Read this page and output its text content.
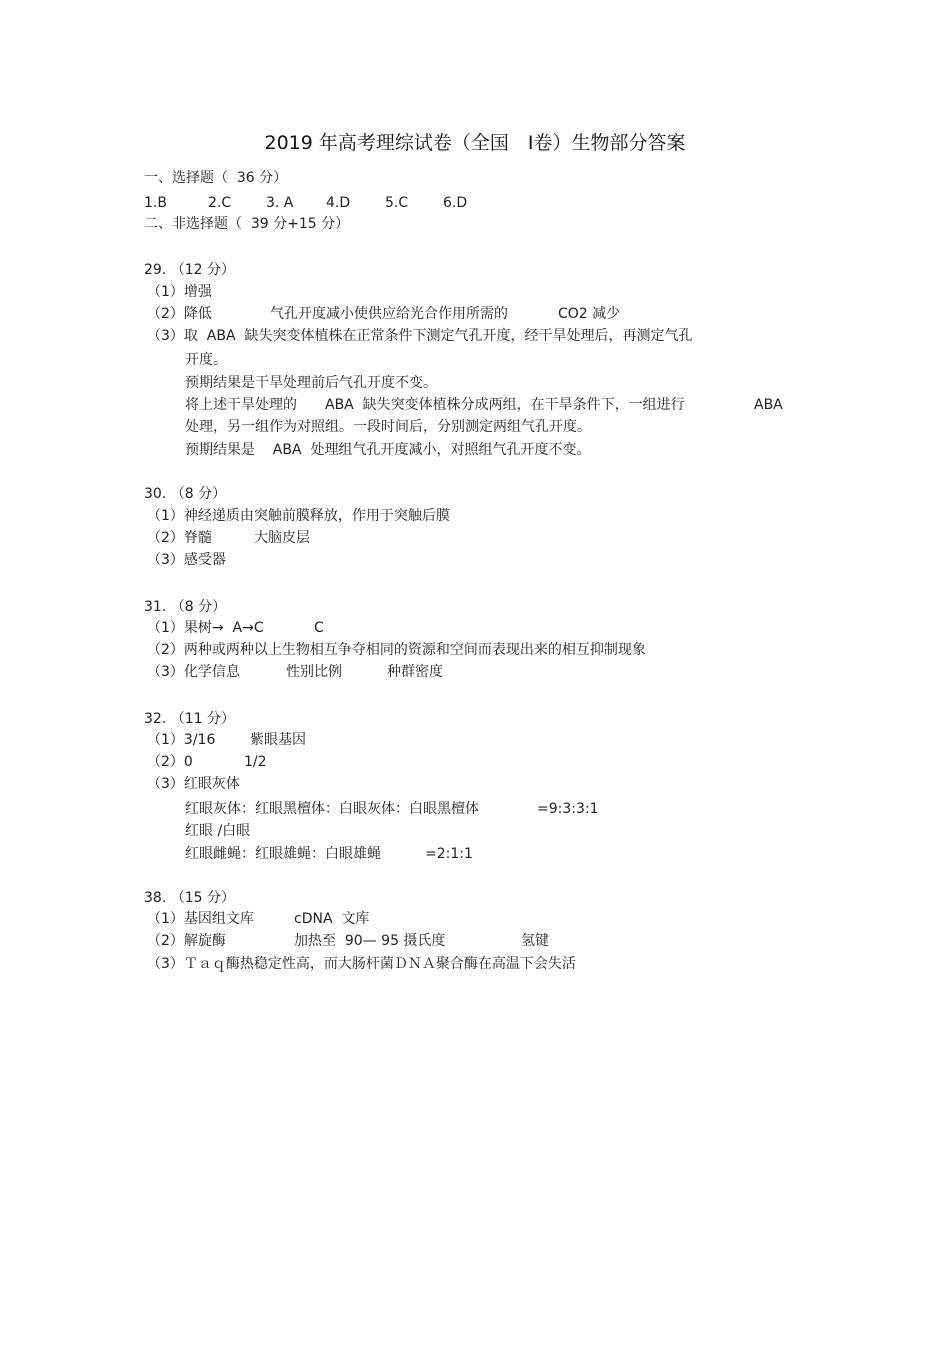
2019 年高考理综试卷（全国　Ⅰ卷）生物部分答案
一、选择题（  36 分）

1.B

	2.C

3. A

4.D

5.C

6.D

二、非选择题（  39 分+15 分）
29. （12 分）
（1）增强

（2）降低

	气孔开度减小使供应给光合作用所需的

	CO2 减少

（3）取  ABA  缺失突变体植株在正常条件下测定气孔开度，经干旱处理后，再测定气孔
开度。
预期结果是干旱处理前后气孔开度不变。

将上述干旱处理的

ABA  缺失突变体植株分成两组，在干旱条件下，一组进行

	ABA

处理，另一组作为对照组。一段时间后，分别测定两组气孔开度。
预期结果是    ABA  处理组气孔开度减小，对照组气孔开度不变。
30. （8 分）
（1）神经递质由突触前膜释放，作用于突触后膜

（2）脊髓

	大脑皮层

（3）感受器
31. （8 分）

（1）果树→  A→C

	C

（2）两种或两种以上生物相互争夺相同的资源和空间而表现出来的相互抑制现象

（3）化学信息

	性别比例

	种群密度

32. （11 分）

（1）3/16

紫眼基因

（2）0

	1/2

（3）红眼灰体

红眼灰体：红眼黑檀体：白眼灰体：白眼黑檀体

	=9:3:3:1

红眼 /白眼

红眼雌蝇：红眼雄蝇：白眼雄蝇

	=2:1:1

38. （15 分）

（1）基因组文库

	cDNA  文库

（2）解旋酶

	加热至  90— 95 摄氏度

	氢键

（3）Ｔａｑ酶热稳定性高，而大肠杆菌ＤＮＡ聚合酶在高温下会失活
